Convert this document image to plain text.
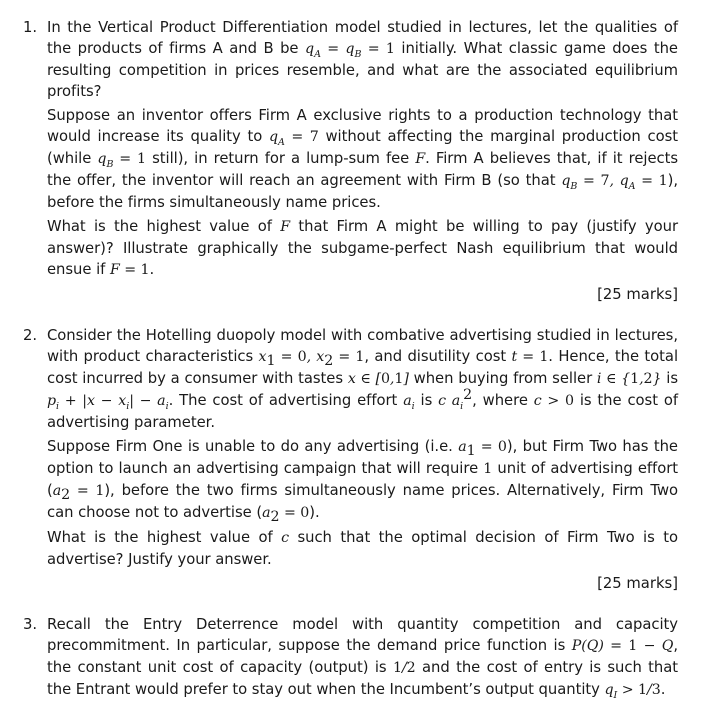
1. In the Vertical Product Differentiation model studied in lectures, let the qualities of the products of firms A and B be $q_A = q_B = 1$ initially. What classic game does the resulting competition in prices resemble, and what are the associated equilibrium profits?

Suppose an inventor offers Firm A exclusive rights to a production technology that would increase its quality to $q_A = 7$ without affecting the marginal production cost (while $q_B = 1$ still), in return for a lump-sum fee F. Firm A believes that, if it rejects the offer, the inventor will reach an agreement with Firm B (so that $q_B = 7$, $q_A = 1$), before the firms simultaneously name prices.

What is the highest value of F that Firm A might be willing to pay (justify your answer)? Illustrate graphically the subgame-perfect Nash equilibrium that would ensue if F = 1.

[25 marks]
2. Consider the Hotelling duopoly model with combative advertising studied in lectures, with product characteristics $x_1 = 0$, $x_2 = 1$, and disutility cost t = 1. Hence, the total cost incurred by a consumer with tastes x ∈ [0,1] when buying from seller i ∈ {1,2} is $p_i + |x - x_i| - a_i$. The cost of advertising effort $a_i$ is c $a_i^2$, where c > 0 is the cost of advertising parameter.

Suppose Firm One is unable to do any advertising (i.e. $a_1 = 0$), but Firm Two has the option to launch an advertising campaign that will require 1 unit of advertising effort $(a_2 = 1)$, before the two firms simultaneously name prices. Alternatively, Firm Two can choose not to advertise $(a_2 = 0)$.

What is the highest value of c such that the optimal decision of Firm Two is to advertise? Justify your answer.

[25 marks]
3. Recall the Entry Deterrence model with quantity competition and capacity precommitment. In particular, suppose the demand price function is P(Q) = 1 − Q, the constant unit cost of capacity (output) is 1/2 and the cost of entry is such that the Entrant would prefer to stay out when the Incumbent’s output quantity $q_I > 1/3$.
